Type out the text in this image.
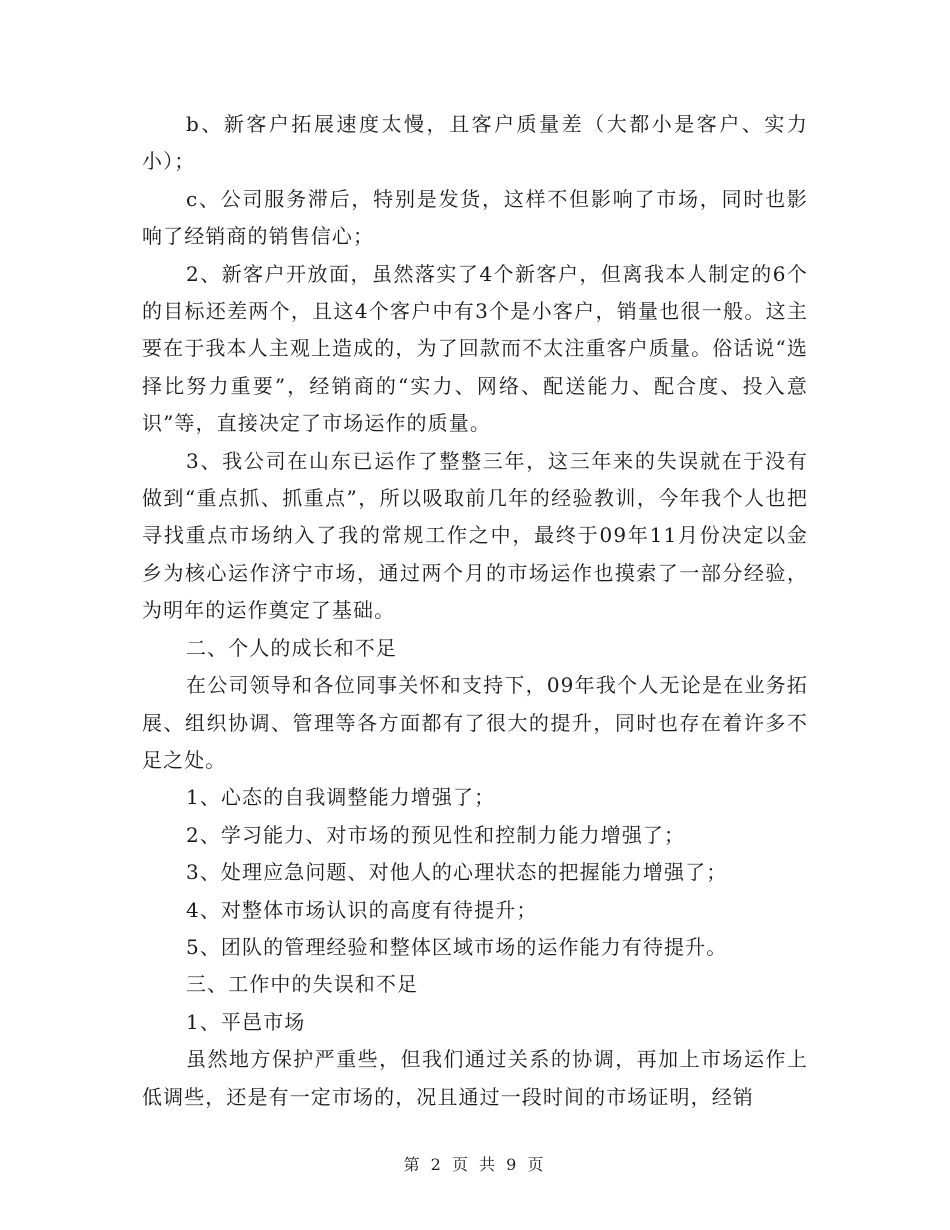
b、新客户拓展速度太慢，且客户质量差（大都小是客户、实力小）；

c、公司服务滞后，特别是发货，这样不但影响了市场，同时也影响了经销商的销售信心；

2、新客户开放面，虽然落实了4个新客户，但离我本人制定的6个的目标还差两个，且这4个客户中有3个是小客户，销量也很一般。这主要在于我本人主观上造成的，为了回款而不太注重客户质量。俗话说“选择比努力重要”，经销商的“实力、网络、配送能力、配合度、投入意识”等，直接决定了市场运作的质量。

3、我公司在山东已运作了整整三年，这三年来的失误就在于没有做到“重点抓、抓重点”，所以吸取前几年的经验教训，今年我个人也把寻找重点市场纳入了我的常规工作之中，最终于09年11月份决定以金乡为核心运作济宁市场，通过两个月的市场运作也摸索了一部分经验，为明年的运作奠定了基础。

二、个人的成长和不足

在公司领导和各位同事关怀和支持下，09年我个人无论是在业务拓展、组织协调、管理等各方面都有了很大的提升，同时也存在着许多不足之处。

1、心态的自我调整能力增强了；

2、学习能力、对市场的预见性和控制力能力增强了；

3、处理应急问题、对他人的心理状态的把握能力增强了；

4、对整体市场认识的高度有待提升；

5、团队的管理经验和整体区域市场的运作能力有待提升。

三、工作中的失误和不足

1、平邑市场

虽然地方保护严重些，但我们通过关系的协调，再加上市场运作上低调些，还是有一定市场的，况且通过一段时间的市场证明，经销

第 2 页 共 9 页
